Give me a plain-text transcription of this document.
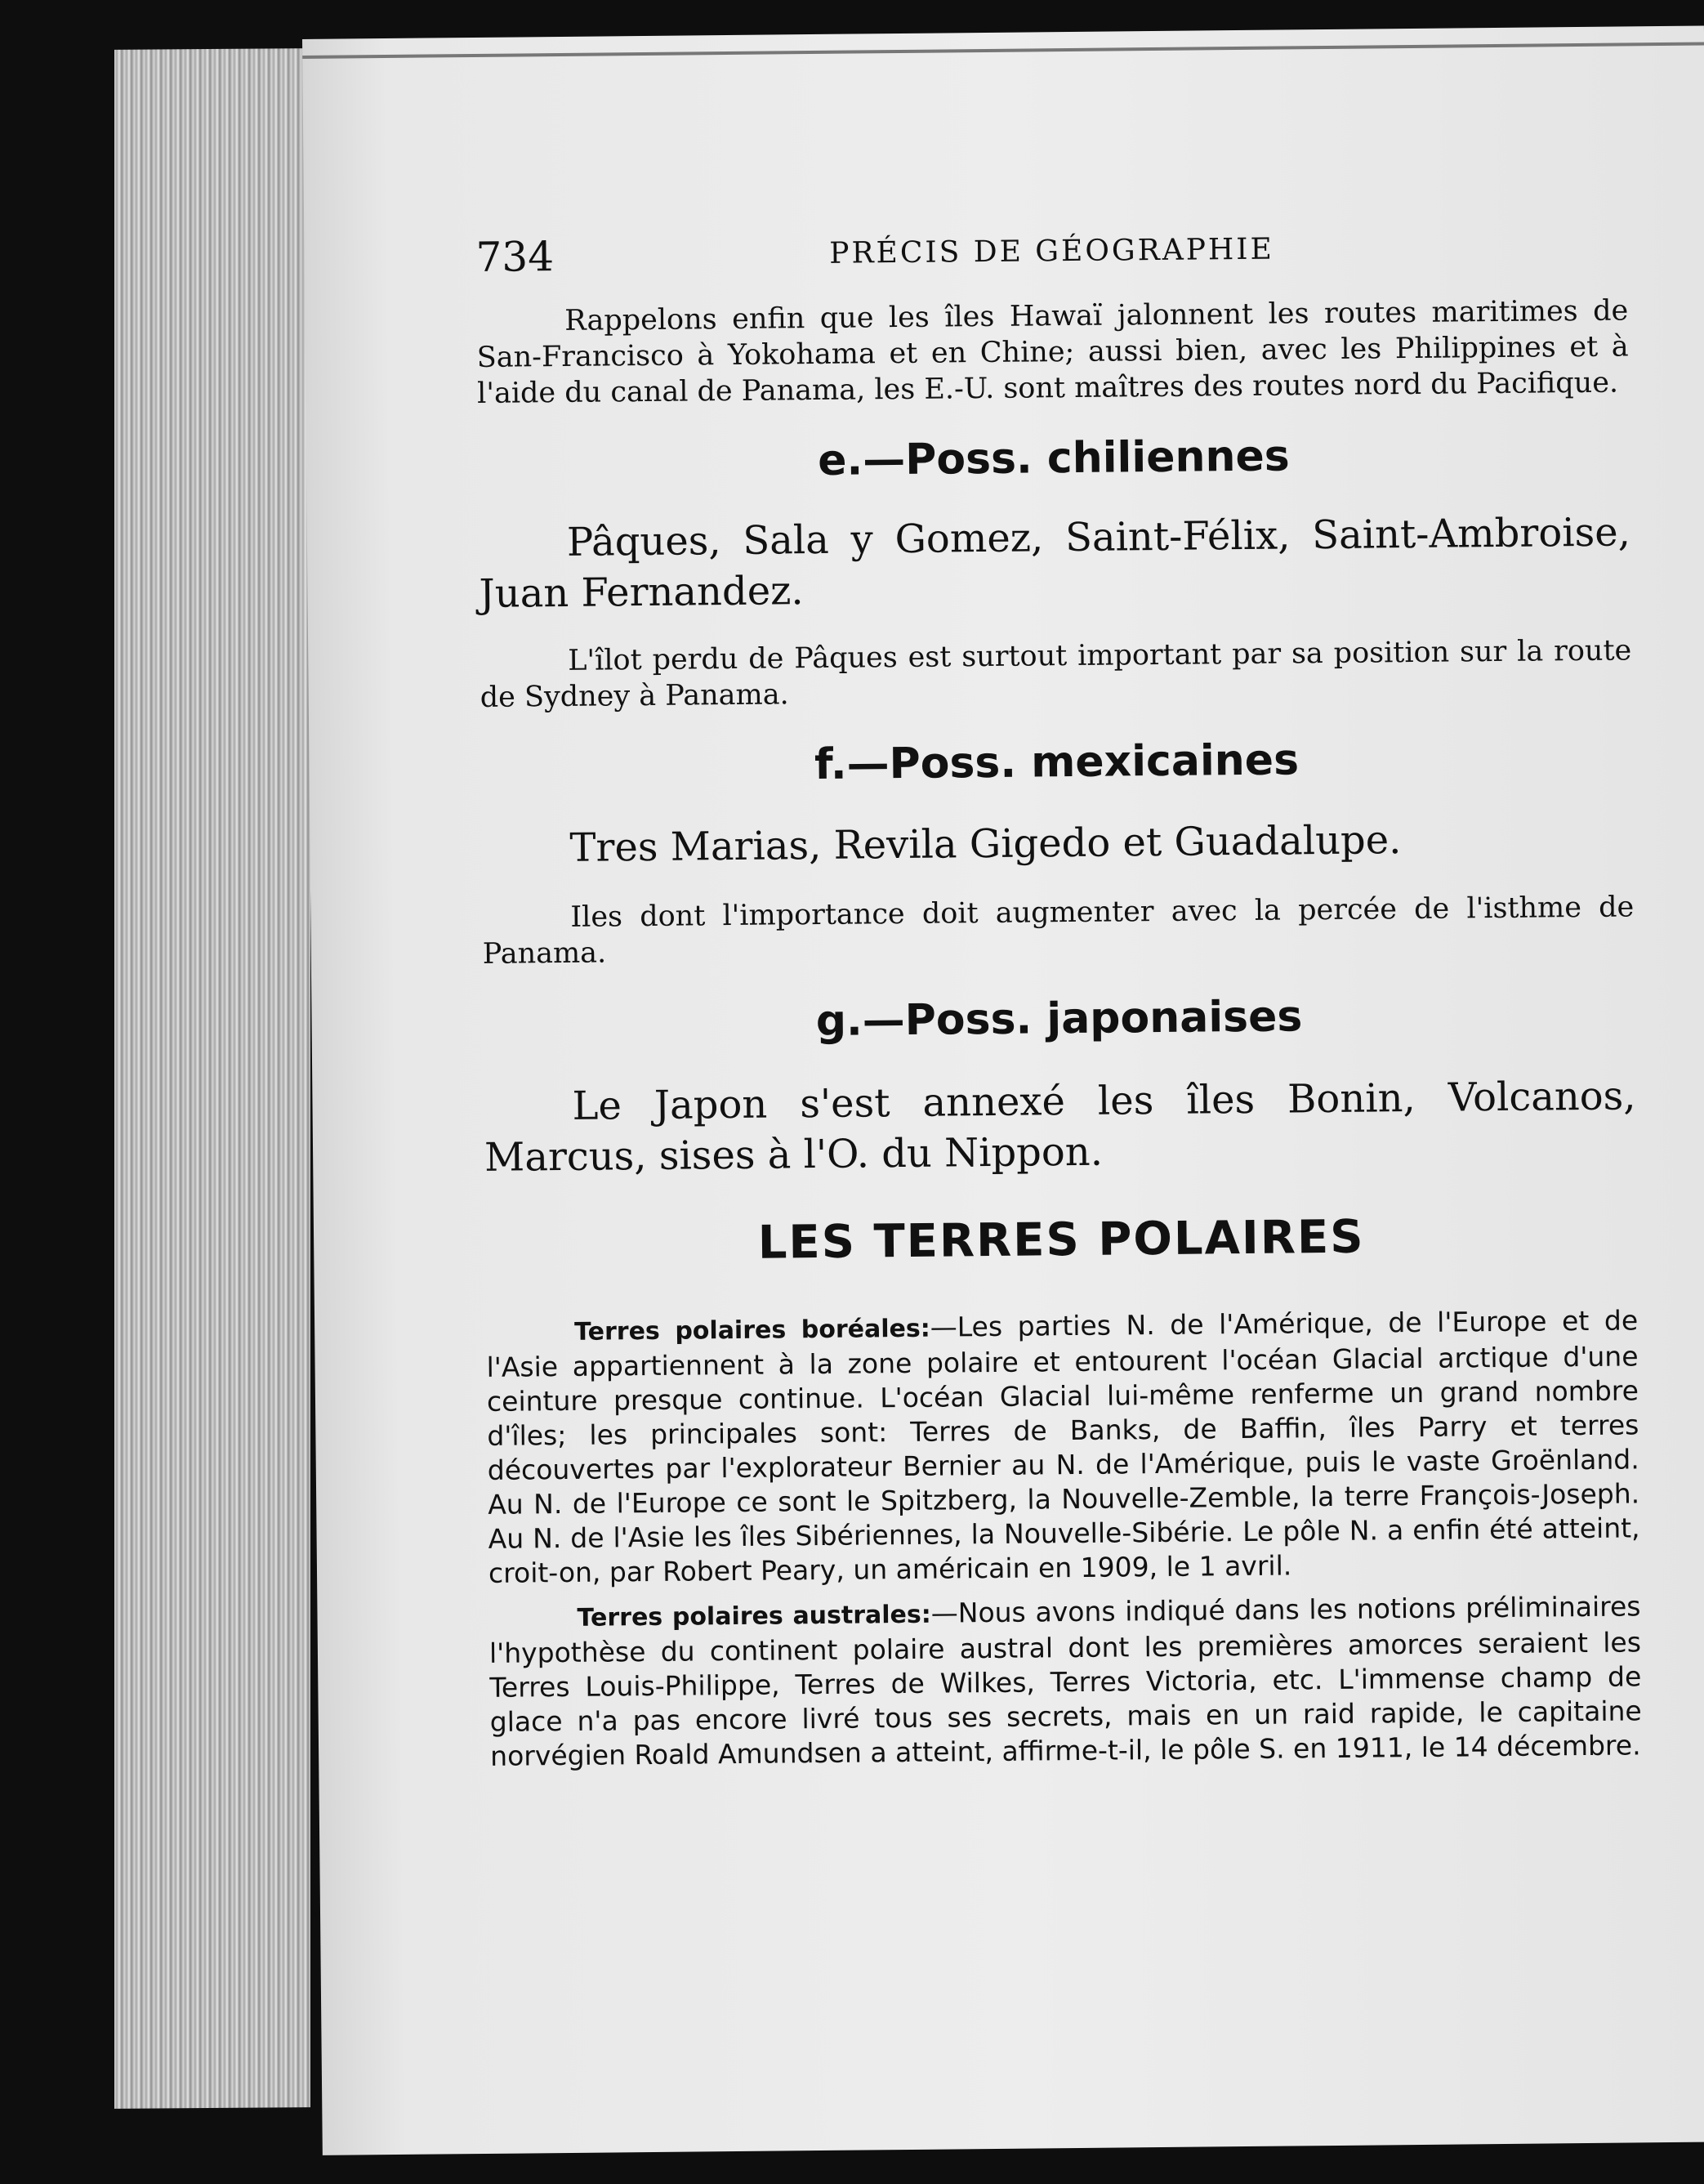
734	PRÉCIS DE GÉOGRAPHIE

Rappelons enfin que les îles Hawaï jalonnent les routes maritimes de San-Francisco à Yokohama et en Chine; aussi bien, avec les Philippines et à l'aide du canal de Panama, les E.-U. sont maîtres des routes nord du Pacifique.

e.—Poss. chiliennes

Pâques, Sala y Gomez, Saint-Félix, Saint-Ambroise, Juan Fernandez.

L'îlot perdu de Pâques est surtout important par sa position sur la route de Sydney à Panama.

f.—Poss. mexicaines

Tres Marias, Revila Gigedo et Guadalupe.

Iles dont l'importance doit augmenter avec la percée de l'isthme de Panama.

g.—Poss. japonaises

Le Japon s'est annexé les îles Bonin, Volcanos, Marcus, sises à l'O. du Nippon.

LES TERRES POLAIRES

Terres polaires boréales:—Les parties N. de l'Amérique, de l'Europe et de l'Asie appartiennent à la zone polaire et entourent l'océan Glacial arctique d'une ceinture presque continue. L'océan Glacial lui-même renferme un grand nombre d'îles; les principales sont: Terres de Banks, de Baffin, îles Parry et terres découvertes par l'explorateur Bernier au N. de l'Amérique, puis le vaste Groënland. Au N. de l'Europe ce sont le Spitzberg, la Nouvelle-Zemble, la terre François-Joseph. Au N. de l'Asie les îles Sibériennes, la Nouvelle-Sibérie. Le pôle N. a enfin été atteint, croit-on, par Robert Peary, un américain en 1909, le 1 avril.

Terres polaires australes:—Nous avons indiqué dans les notions préliminaires l'hypothèse du continent polaire austral dont les premières amorces seraient les Terres Louis-Philippe, Terres de Wilkes, Terres Victoria, etc. L'immense champ de glace n'a pas encore livré tous ses secrets, mais en un raid rapide, le capitaine norvégien Roald Amundsen a atteint, affirme-t-il, le pôle S. en 1911, le 14 décembre.
